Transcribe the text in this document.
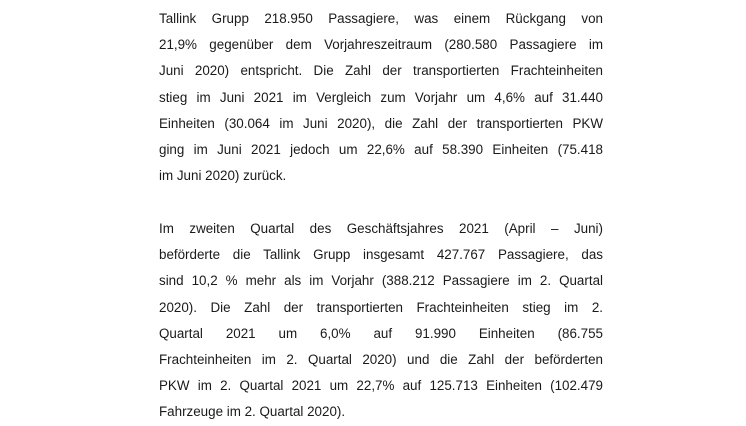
Tallink Grupp 218.950 Passagiere, was einem Rückgang von
21,9% gegenüber dem Vorjahreszeitraum (280.580 Passagiere im
Juni 2020) entspricht. Die Zahl der transportierten Frachteinheiten
stieg im Juni 2021 im Vergleich zum Vorjahr um 4,6% auf 31.440
Einheiten (30.064 im Juni 2020), die Zahl der transportierten PKW
ging im Juni 2021 jedoch um 22,6% auf 58.390 Einheiten (75.418
im Juni 2020) zurück.

Im zweiten Quartal des Geschäftsjahres 2021 (April – Juni)
beförderte die Tallink Grupp insgesamt 427.767 Passagiere, das
sind 10,2 % mehr als im Vorjahr (388.212 Passagiere im 2. Quartal
2020). Die Zahl der transportierten Frachteinheiten stieg im 2.
Quartal 2021 um 6,0% auf 91.990 Einheiten (86.755
Frachteinheiten im 2. Quartal 2020) und die Zahl der beförderten
PKW im 2. Quartal 2021 um 22,7% auf 125.713 Einheiten (102.479
Fahrzeuge im 2. Quartal 2020).
